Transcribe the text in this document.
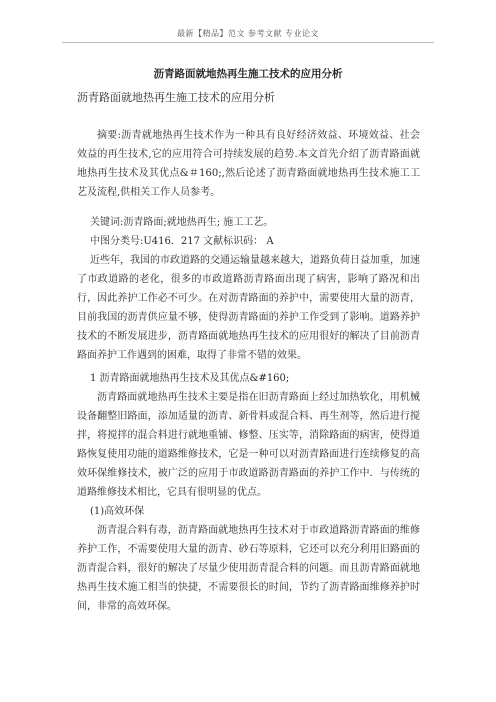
最新【精品】范文 参考文献 专业论文
沥青路面就地热再生施工技术的应用分析

沥青路面就地热再生施工技术的应用分析

摘要:沥青就地热再生技术作为一种具有良好经济效益、环境效益、社会效益的再生技术,它的应用符合可持续发展的趋势.本文首先介绍了沥青路面就地热再生技术及其优点&＃160;,然后论述了沥青路面就地热再生技术施工工艺及流程,供相关工作人员参考。

关键词:沥青路面;就地热再生; 施工工艺。

中图分类号:U416．217 文献标识码： A

近些年，我国的市政道路的交通运输量越来越大，道路负荷日益加重，加速了市政道路的老化，很多的市政道路沥青路面出现了病害，影响了路况和出行，因此养护工作必不可少。在对沥青路面的养护中，需要使用大量的沥青，目前我国的沥青供应量不够，使得沥青路面的养护工作受到了影响。道路养护技术的不断发展进步，沥青路面就地热再生技术的应用很好的解决了目前沥青路面养护工作遇到的困难，取得了非常不错的效果。

1 沥青路面就地热再生技术及其优点&#160;

沥青路面就地热再生技术主要是指在旧沥青路面上经过加热软化，用机械设备翻整旧路面，添加适量的沥青、新骨料或混合料、再生剂等，然后进行搅拌，将搅拌的混合料进行就地重铺、修整、压实等，消除路面的病害，使得道路恢复使用功能的道路维修技术，它是一种可以对沥青路面进行连续修复的高效环保维修技术，被广泛的应用于市政道路沥青路面的养护工作中．与传统的道路维修技术相比，它具有很明显的优点。

(1)高效环保

沥青混合料有毒，沥青路面就地热再生技术对于市政道路沥青路面的维修养护工作，不需要使用大量的沥青、砂石等原料，它还可以充分利用旧路面的沥青混合料，很好的解决了尽量少使用沥青混合料的问题。而且沥青路面就地热再生技术施工相当的快捷，不需要很长的时间，节约了沥青路面维修养护时间，非常的高效环保。
